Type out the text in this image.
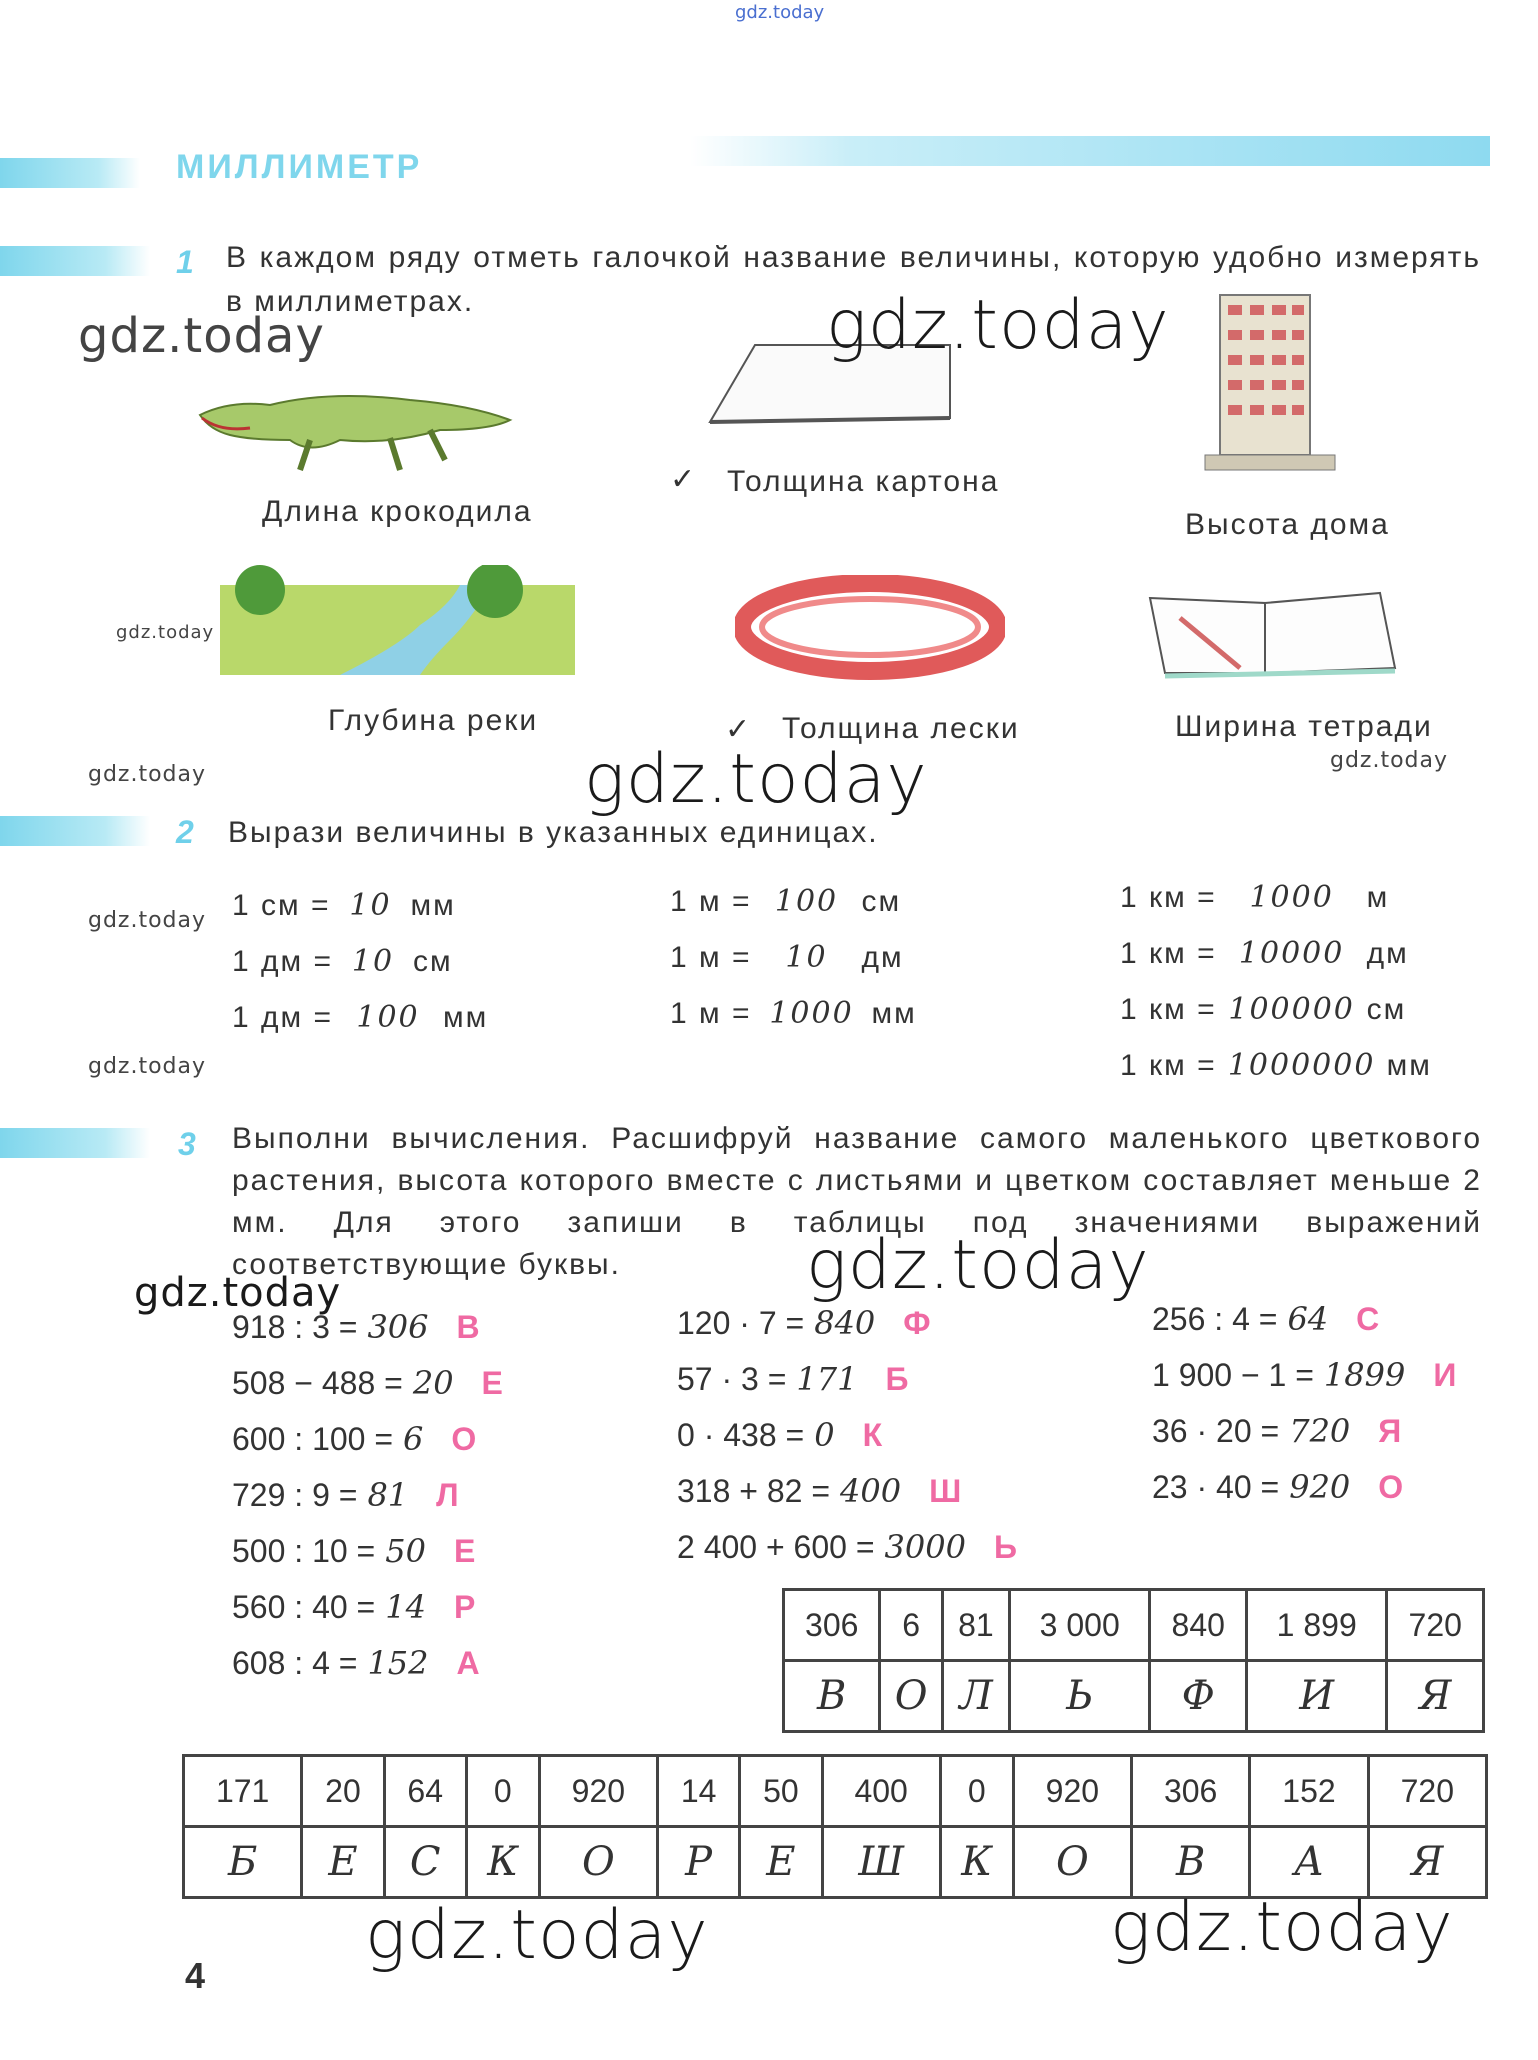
gdz.today
МИЛЛИМЕТР
1 В каждом ряду отметь галочкой название величины, которую удобно измерять в миллиметрах.
Длина крокодила
✓ Толщина картона
Высота дома
Глубина реки	✓ Толщина лески	Ширина тетради
2 Вырази величины в указанных единицах.
1 см = 10 мм
1 дм = 10 см
1 дм = 100 мм
1 м = 100 см
1 м = 10 дм
1 м = 1000 мм
1 км = 1000 м
1 км = 10000 дм
1 км = 100000 см
1 км = 1000000 мм
3 Выполни вычисления. Расшифруй название самого маленького цветкового растения, высота которого вместе с листьями и цветком составляет меньше 2 мм. Для этого запиши в таблицы под значениями выражений соответствующие буквы.
918 : 3 = 306 В
508 − 488 = 20 Е
600 : 100 = 6 О
729 : 9 = 81 Л
500 : 10 = 50 Е
560 : 40 = 14 Р
608 : 4 = 152 А
120 · 7 = 840 Ф
57 · 3 = 171 Б
0 · 438 = 0 К
318 + 82 = 400 Ш
2 400 + 600 = 3000 Ь
256 : 4 = 64 С
1 900 − 1 = 1899 И
36 · 20 = 720 Я
23 · 40 = 920 О
306	6	81	3 000	840	1 899	720
В	О	Л	Ь	Ф	И	Я
171	20	64	0	920	14	50	400	0	920	306	152	720
Б	Е	С	К	О	Р	Е	Ш	К	О	В	А	Я
4
gdz.today	gdz.today
gdz.today
gdz.today
gdz.today
gdz.today
gdz.today
gdz.today
gdz.today
gdz.today
gdz.today	gdz.today
